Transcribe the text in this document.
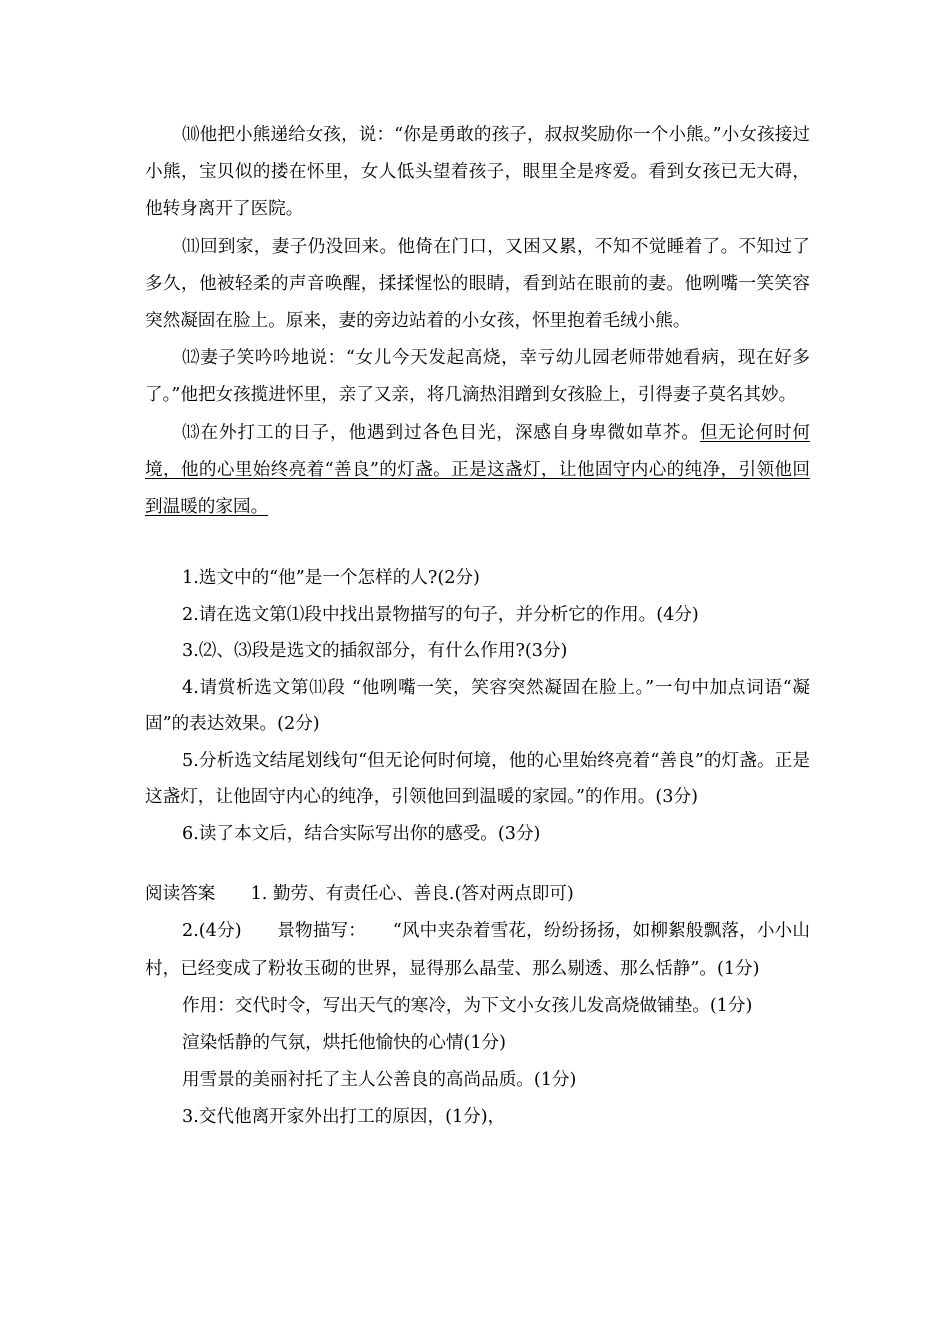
⑽他把小熊递给女孩，说：“你是勇敢的孩子，叔叔奖励你一个小熊。”小女孩接过小熊，宝贝似的搂在怀里，女人低头望着孩子，眼里全是疼爱。看到女孩已无大碍，他转身离开了医院。

⑾回到家，妻子仍没回来。他倚在门口，又困又累，不知不觉睡着了。不知过了多久，他被轻柔的声音唤醒，揉揉惺忪的眼睛，看到站在眼前的妻。他咧嘴一笑笑容突然凝固在脸上。原来，妻的旁边站着的小女孩，怀里抱着毛绒小熊。

⑿妻子笑吟吟地说：“女儿今天发起高烧，幸亏幼儿园老师带她看病，现在好多了。”他把女孩揽进怀里，亲了又亲，将几滴热泪蹭到女孩脸上，引得妻子莫名其妙。

⒀在外打工的日子，他遇到过各色目光，深感自身卑微如草芥。但无论何时何境，他的心里始终亮着“善良”的灯盏。正是这盏灯，让他固守内心的纯净，引领他回到温暖的家园。

1.选文中的“他”是一个怎样的人?(2分)

2.请在选文第⑴段中找出景物描写的句子，并分析它的作用。(4分)

3.⑵、⑶段是选文的插叙部分，有什么作用?(3分)

4.请赏析选文第⑾段 “他咧嘴一笑，笑容突然凝固在脸上。”一句中加点词语“凝固”的表达效果。(2分)

5.分析选文结尾划线句“但无论何时何境，他的心里始终亮着“善良”的灯盏。正是这盏灯，让他固守内心的纯净，引领他回到温暖的家园。”的作用。(3分)

6.读了本文后，结合实际写出你的感受。(3分)

阅读答案　　1. 勤劳、有责任心、善良.(答对两点即可)

2.(4分)　　景物描写：　　“风中夹杂着雪花，纷纷扬扬，如柳絮般飘落，小小山村，已经变成了粉妆玉砌的世界，显得那么晶莹、那么剔透、那么恬静”。(1分)

作用：交代时令，写出天气的寒冷，为下文小女孩儿发高烧做铺垫。(1分)

渲染恬静的气氛，烘托他愉快的心情(1分)

用雪景的美丽衬托了主人公善良的高尚品质。(1分)

3.交代他离开家外出打工的原因，(1分)，
